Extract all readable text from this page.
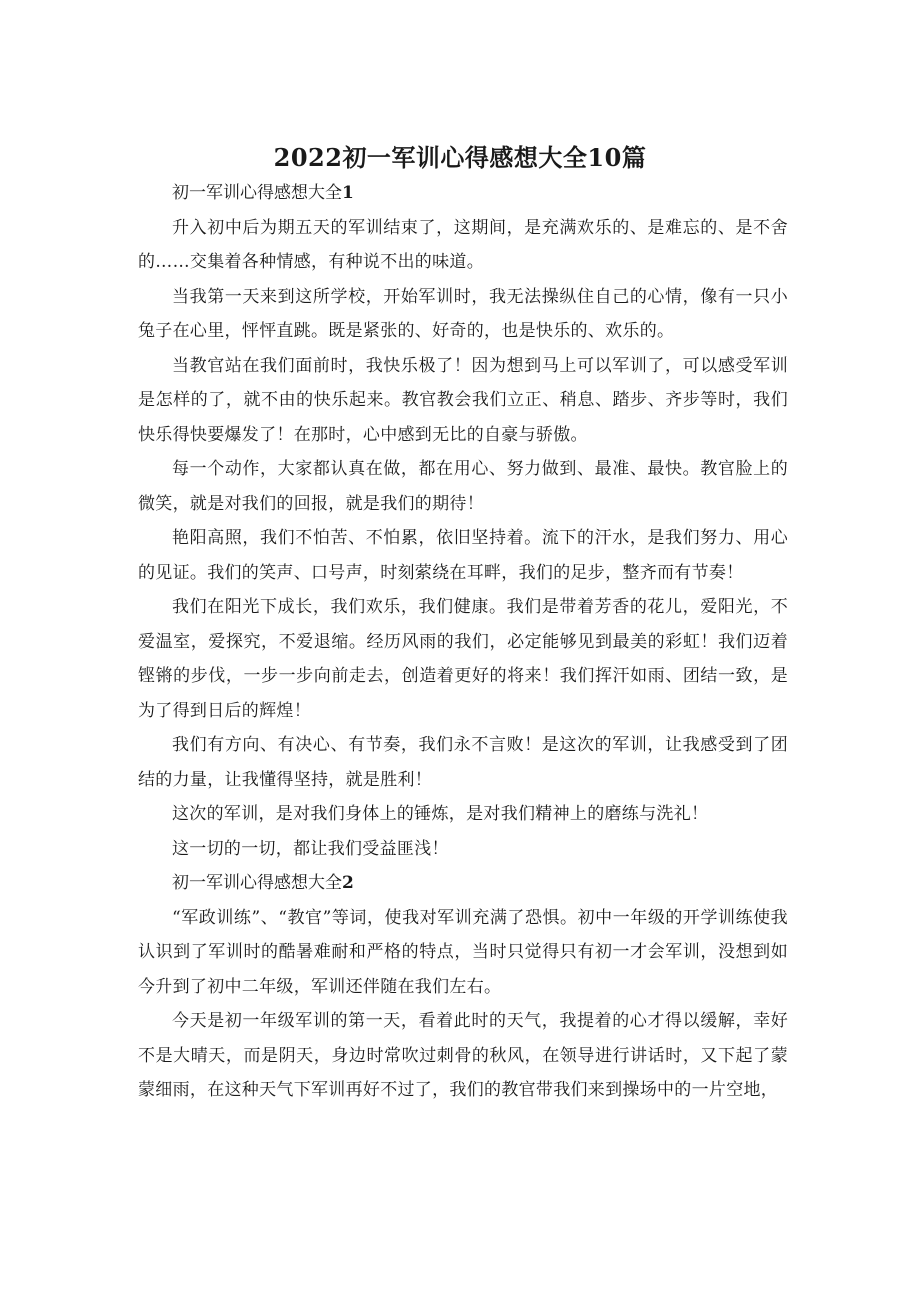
2022初一军训心得感想大全10篇

初一军训心得感想大全1

升入初中后为期五天的军训结束了，这期间，是充满欢乐的、是难忘的、是不舍的……交集着各种情感，有种说不出的味道。

当我第一天来到这所学校，开始军训时，我无法操纵住自己的心情，像有一只小兔子在心里，怦怦直跳。既是紧张的、好奇的，也是快乐的、欢乐的。

当教官站在我们面前时，我快乐极了！因为想到马上可以军训了，可以感受军训是怎样的了，就不由的快乐起来。教官教会我们立正、稍息、踏步、齐步等时，我们快乐得快要爆发了！在那时，心中感到无比的自豪与骄傲。

每一个动作，大家都认真在做，都在用心、努力做到、最准、最快。教官脸上的微笑，就是对我们的回报，就是我们的期待！

艳阳高照，我们不怕苦、不怕累，依旧坚持着。流下的汗水，是我们努力、用心的见证。我们的笑声、口号声，时刻萦绕在耳畔，我们的足步，整齐而有节奏！

我们在阳光下成长，我们欢乐，我们健康。我们是带着芳香的花儿，爱阳光，不爱温室，爱探究，不爱退缩。经历风雨的我们，必定能够见到最美的彩虹！我们迈着铿锵的步伐，一步一步向前走去，创造着更好的将来！我们挥汗如雨、团结一致，是为了得到日后的辉煌！

我们有方向、有决心、有节奏，我们永不言败！是这次的军训，让我感受到了团结的力量，让我懂得坚持，就是胜利！

这次的军训，是对我们身体上的锤炼，是对我们精神上的磨练与洗礼！

这一切的一切，都让我们受益匪浅！

初一军训心得感想大全2

“军政训练”、“教官”等词，使我对军训充满了恐惧。初中一年级的开学训练使我认识到了军训时的酷暑难耐和严格的特点，当时只觉得只有初一才会军训，没想到如今升到了初中二年级，军训还伴随在我们左右。

今天是初一年级军训的第一天，看着此时的天气，我提着的心才得以缓解，幸好不是大晴天，而是阴天，身边时常吹过刺骨的秋风，在领导进行讲话时，又下起了蒙蒙细雨，在这种天气下军训再好不过了，我们的教官带我们来到操场中的一片空地，
